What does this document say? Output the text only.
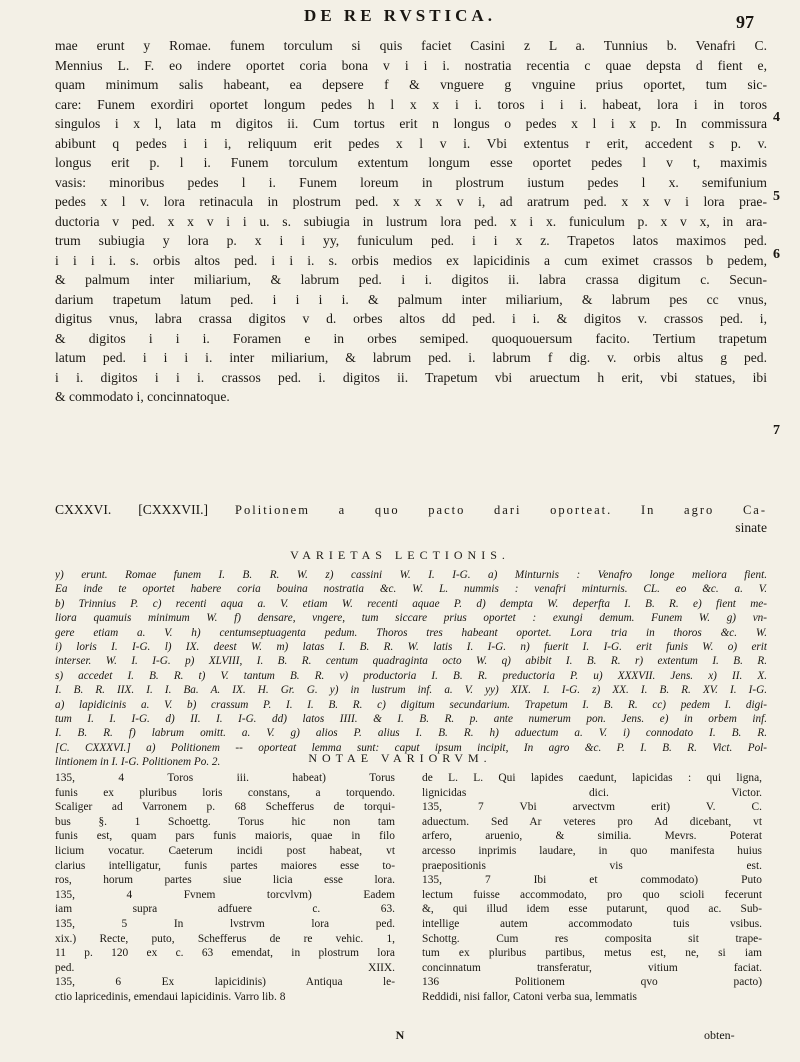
DE RE RVSTICA.	97
mae erunt y Romae. funem torculum si quis faciet Casini z L a. Tunnius b. Venafri C.
Mennius L. F. eo indere oportet coria bona v i i i. nostratia recentia c quae depsta d fient e,
quam minimum salis habeant, ea depsere f & vnguere g vnguine prius oportet, tum sic-
care: Funem exordiri oportet longum pedes h l x x i i. toros i i i. habeat, lora i in toros
singulos i x l, lata m digitos ii. Cum tortus erit n longus o pedes x l i x p. In commissura
abibunt q pedes i i i, reliquum erit pedes x l v i. Vbi extentus r erit, accedent s p. v.
longus erit p. l i. Funem torculum extentum longum esse oportet pedes l v t, maximis
vasis: minoribus pedes l i. Funem loreum in plostrum iustum pedes l x. semifunium
pedes x l v. lora retinacula in plostrum ped. x x x v i, ad aratrum ped. x x v i lora prae-
ductoria v ped. x x v i i u. s. subiugia in lustrum lora ped. x i x. funiculum p. x v x, in ara-
trum subiugia y lora p. x i i yy, funiculum ped. i i x z. Trapetos latos maximos ped.
i i i i. s. orbis altos ped. i i i. s. orbis medios ex lapicidinis a cum eximet crassos b pedem,
& palmum inter miliarium, & labrum ped. i i. digitos ii. labra crassa digitum c. Secun-
darium trapetum latum ped. i i i i. & palmum inter miliarium, & labrum pes cc vnus,
digitus vnus, labra crassa digitos v d. orbes altos dd ped. i i. & digitos v. crassos ped. i,
& digitos i i i. Foramen e in orbes semiped. quoquouersum facito. Tertium trapetum
latum ped. i i i i. inter miliarium, & labrum ped. i. labrum f dig. v. orbis altus g ped.
i i. digitos i i i. crassos ped. i. digitos ii. Trapetum vbi aruectum h erit, vbi statues, ibi
& commodato i, concinnatoque.
4
5
6
7
CXXXVI. [CXXXVII.] Politionem a quo pacto dari oporteat. In agro Ca-
sinate
VARIETAS LECTIONIS.
y) erunt. Romae funem I. B. R. W. z) cassini W. I. I-G. a) Minturnis : Venafro longe meliora fient.
Ea inde te oportet habere coria bouina nostratia &c. W. L. nummis : venafri minturnis. CL. eo &c. a. V.
b) Trinnius P. c) recenti aqua a. V. etiam W. recenti aquae P. d) dempta W. deperfta I. B. R. e) fient me-
liora quamuis minimum W. f) densare, vngere, tum siccare prius oportet : exungi demum. Funem W. g) vn-
gere etiam a. V. h) centumseptuagenta pedum. Thoros tres habeant oportet. Lora tria in thoros &c. W.
i) loris I. I-G. l) IX. deest W. m) latas I. B. R. W. latis I. I-G. n) fuerit I. I-G. erit funis W. o) erit
interser. W. I. I-G. p) XLVIII, I. B. R. centum quadraginta octo W. q) abibit I. B. R. r) extentum I. B. R.
s) accedet I. B. R. t) V. tantum B. R. v) productoria I. B. R. preductoria P. u) XXXVII. Jens. x) II. X.
I. B. R. IIX. I. I. Ba. A. IX. H. Gr. G. y) in lustrum inf. a. V. yy) XIX. I. I-G. z) XX. I. B. R. XV. I. I-G.
a) lapidicinis a. V. b) crassum P. I. I. B. R. c) digitum secundarium. Trapetum I. B. R. cc) pedem I. digi-
tum I. I. I-G. d) II. I. I-G. dd) latos IIII. & I. B. R. p. ante numerum pon. Jens. e) in orbem inf.
I. B. R. f) labrum omitt. a. V. g) alios P. alius I. B. R. h) aduectum a. V. i) connodato I. B. R.
[C. CXXXVI.] a) Politionem -- oporteat lemma sunt: caput ipsum incipit, In agro &c. P. I. B. R. Vict. Pol-
lintionem in I. I-G. Politionem Po. 2.	NOTAE VARIORVM.
135, 4 Toros iii. habeat) Torus
funis ex pluribus loris constans, a torquendo.
Scaliger ad Varronem p. 68 Schefferus de torqui-
bus §. 1 Schoettg. Torus hic non tam
funis est, quam pars funis maioris, quae in filo
licium vocatur. Caeterum incidi post habeat, vt
clarius intelligatur, funis partes maiores esse to-
ros, horum partes siue licia esse lora.
135, 4 Fvnem torcvlvm) Eadem
iam supra adfuere c. 63.
135, 5 In lvstrvm lora ped.
xix.) Recte, puto, Schefferus de re vehic. 1,
11 p. 120 ex c. 63 emendat, in plostrum lora
ped. XIIX.
135, 6 Ex lapicidinis) Antiqua le-
ctio lapricedinis, emendaui lapicidinis. Varro lib. 8
de L. L. Qui lapides caedunt, lapicidas : qui ligna,
lignicidas dici. Victor.
135, 7 Vbi arvectvm erit) V. C.
aduectum. Sed Ar veteres pro Ad dicebant, vt
arfero, aruenio, & similia. Mevrs. Poterat
arcesso inprimis laudare, in quo manifesta huius
praepositionis vis est.
135, 7 Ibi et commodato) Puto
lectum fuisse accommodato, pro quo scioli fecerunt
&, qui illud idem esse putarunt, quod ac. Sub-
intellige autem accommodato tuis vsibus.
Schottg. Cum res composita sit trape-
tum ex pluribus partibus, metus est, ne, si iam
concinnatum transferatur, vitium faciat.
136 Politionem qvo pacto)
Reddidi, nisi fallor, Catoni verba sua, lemmatis
N	obten-
